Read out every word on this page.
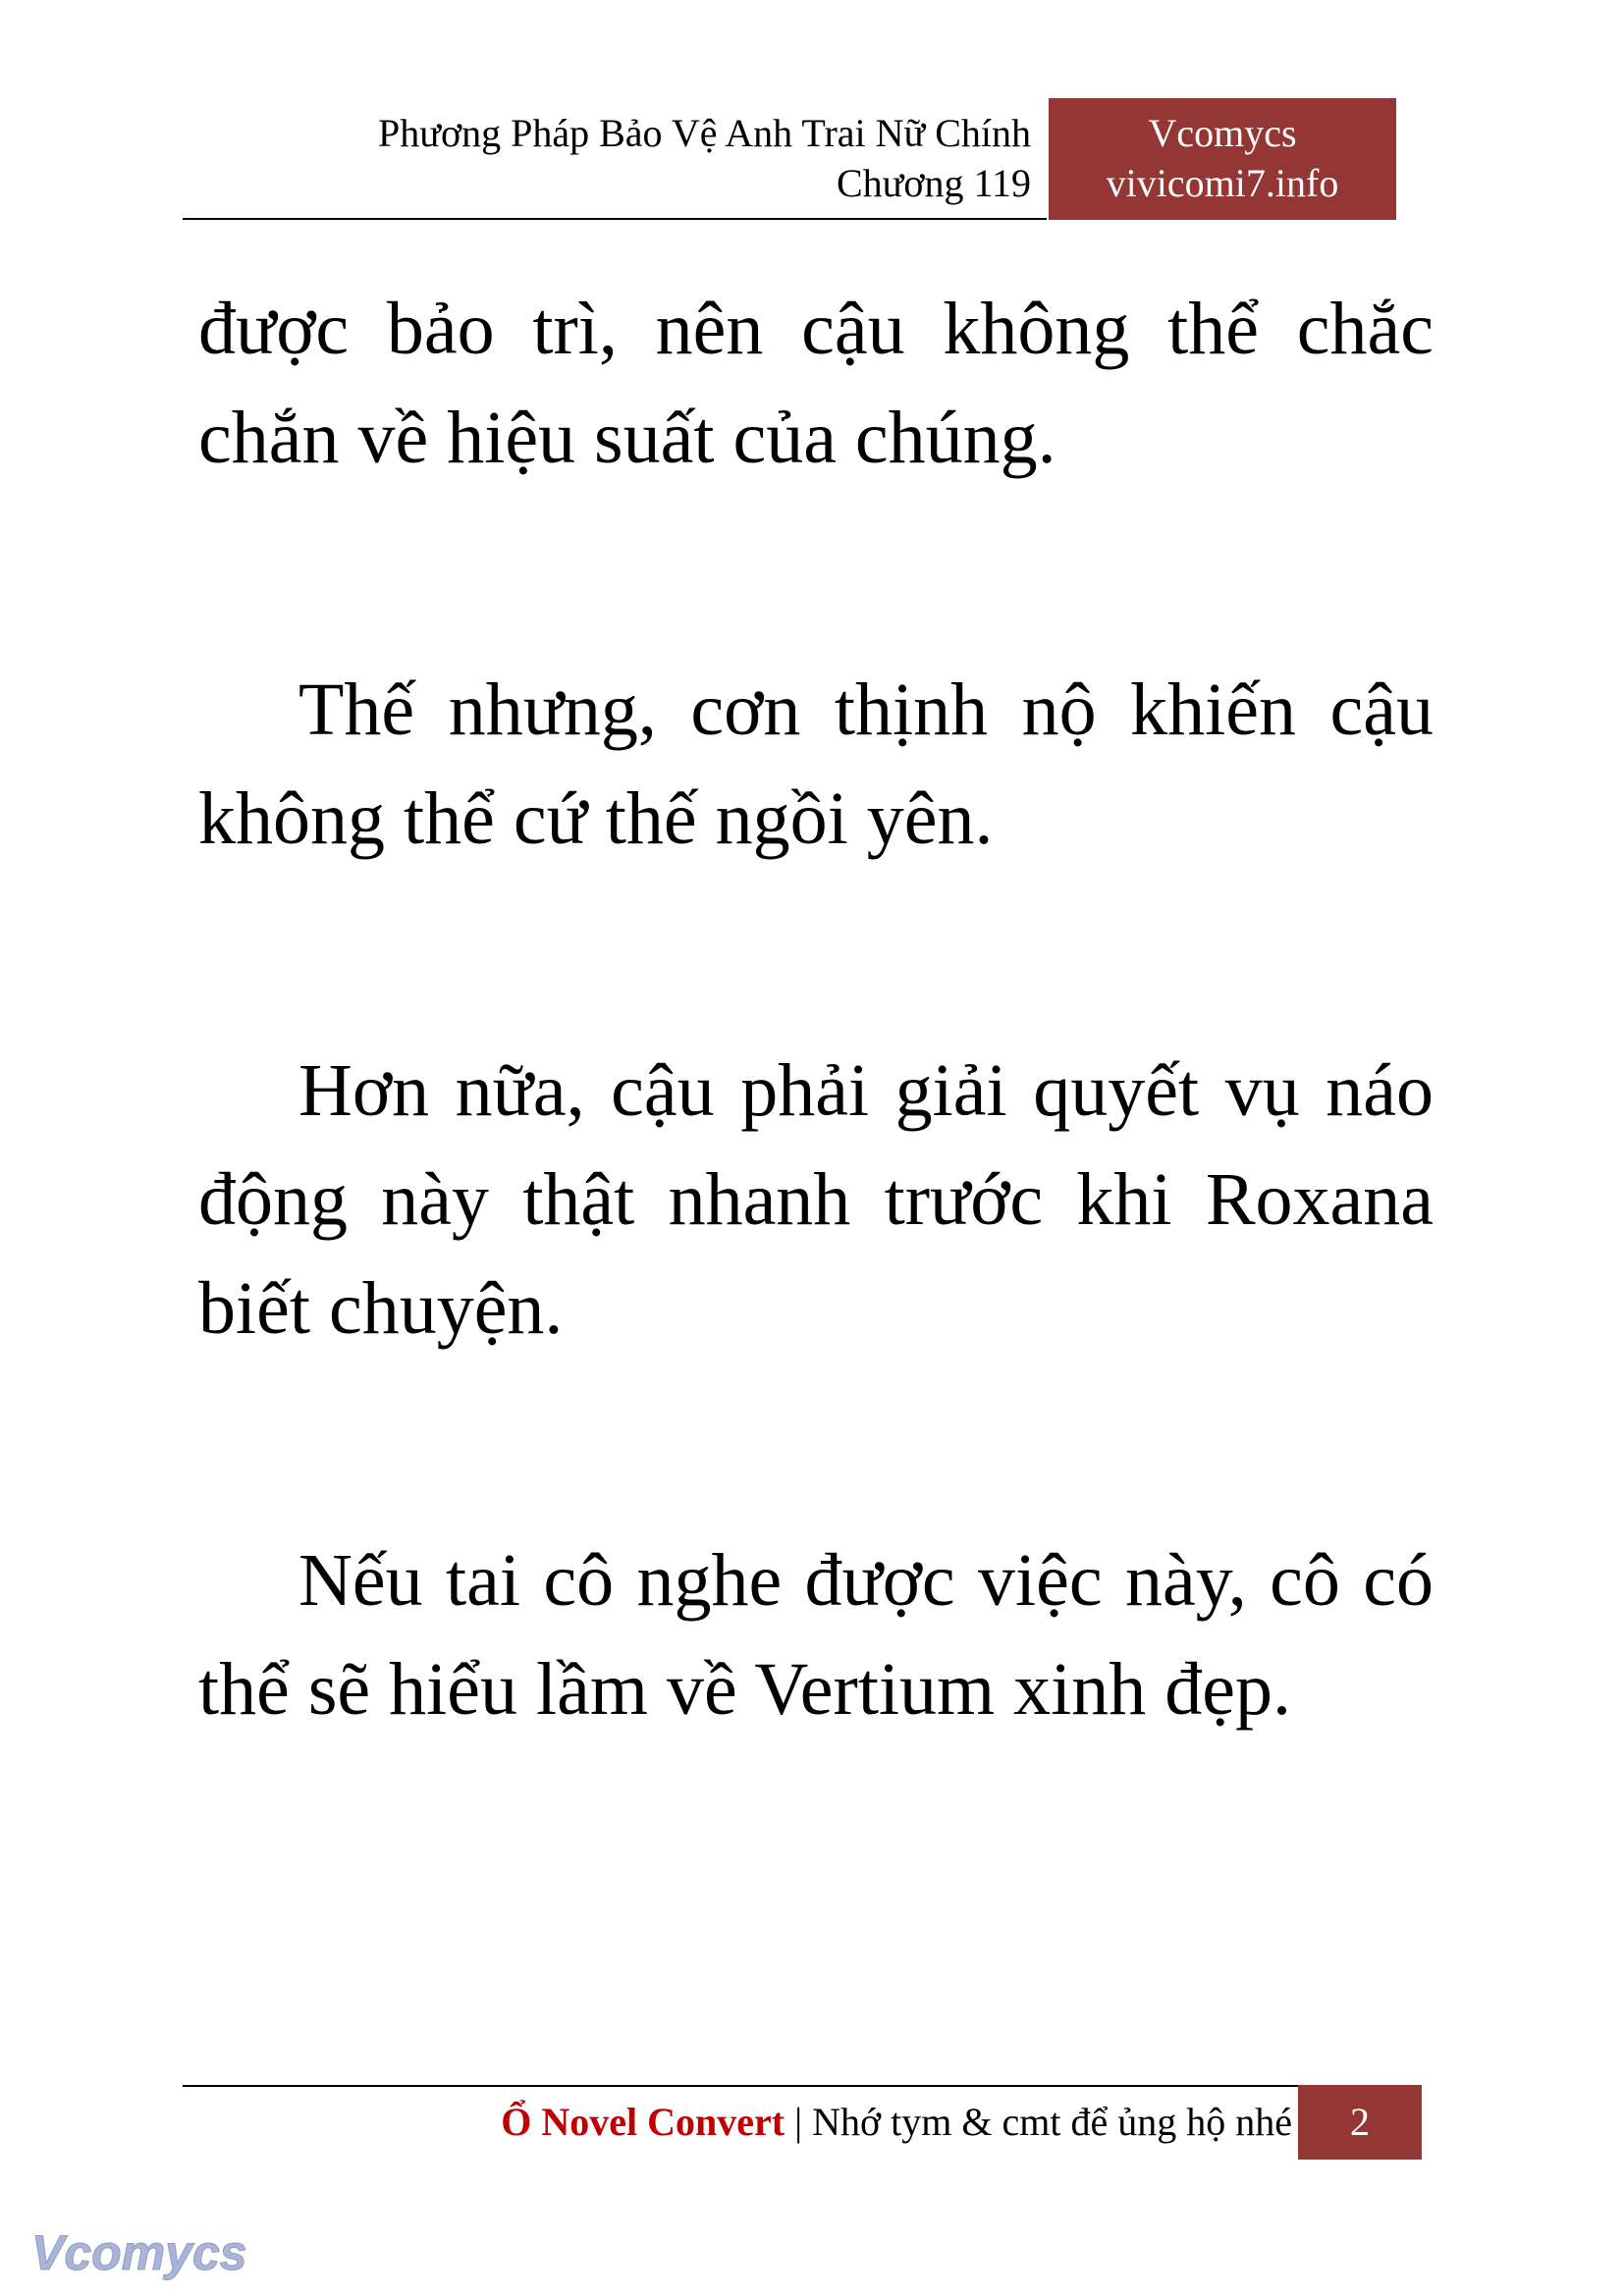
Phương Pháp Bảo Vệ Anh Trai Nữ Chính
Chương 119
Vcomycs
vivicomi7.info

được bảo trì, nên cậu không thể chắc chắn về hiệu suất của chúng.

Thế nhưng, cơn thịnh nộ khiến cậu không thể cứ thế ngồi yên.

Hơn nữa, cậu phải giải quyết vụ náo động này thật nhanh trước khi Roxana biết chuyện.

Nếu tai cô nghe được việc này, cô có thể sẽ hiểu lầm về Vertium xinh đẹp.

Ổ Novel Convert | Nhớ tym & cmt để ủng hộ nhé	2
Vcomycs
